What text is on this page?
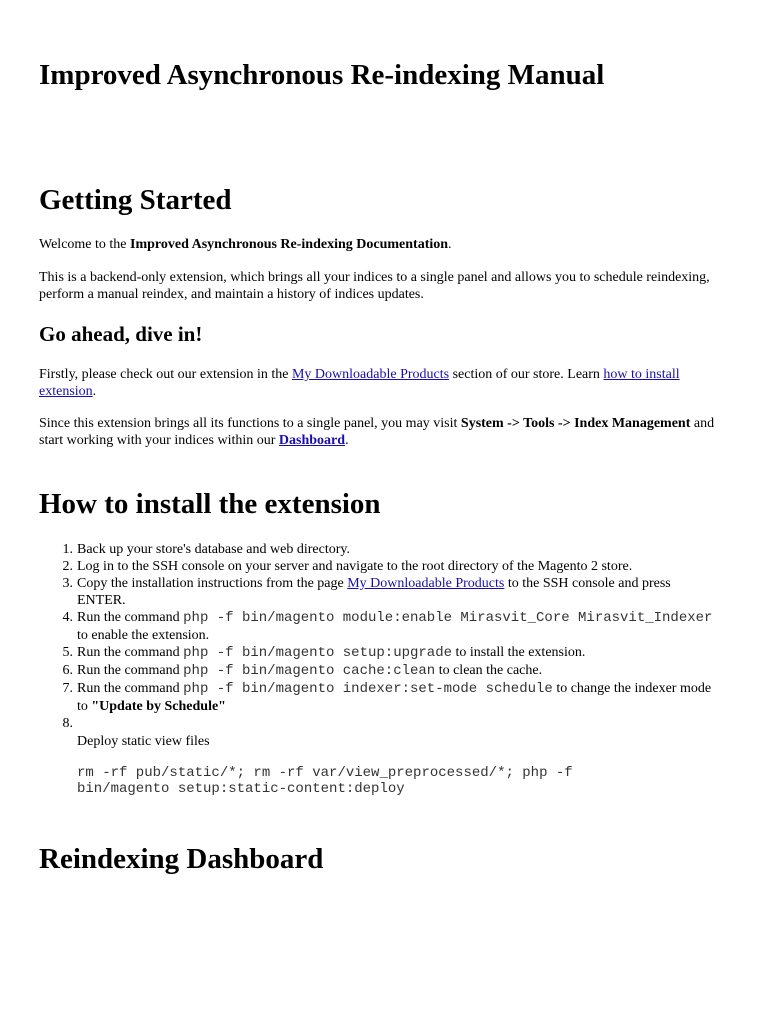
Improved Asynchronous Re-indexing Manual
Getting Started

Welcome to the Improved Asynchronous Re-indexing Documentation.

This is a backend-only extension, which brings all your indices to a single panel and allows you to schedule reindexing, perform a manual reindex, and maintain a history of indices updates.

Go ahead, dive in!

Firstly, please check out our extension in the My Downloadable Products section of our store. Learn how to install extension.

Since this extension brings all its functions to a single panel, you may visit System -> Tools -> Index Management and start working with your indices within our Dashboard.

How to install the extension
1. Back up your store's database and web directory.
2. Log in to the SSH console on your server and navigate to the root directory of the Magento 2 store.
3. Copy the installation instructions from the page My Downloadable Products to the SSH console and press ENTER.
4. Run the command php -f bin/magento module:enable Mirasvit_Core Mirasvit_Indexer to enable the extension.
5. Run the command php -f bin/magento setup:upgrade to install the extension.
6. Run the command php -f bin/magento cache:clean to clean the cache.
7. Run the command php -f bin/magento indexer:set-mode schedule to change the indexer mode to "Update by Schedule"
8.
Deploy static view files
rm -rf pub/static/*; rm -rf var/view_preprocessed/*; php -f
bin/magento setup:static-content:deploy
Reindexing Dashboard
